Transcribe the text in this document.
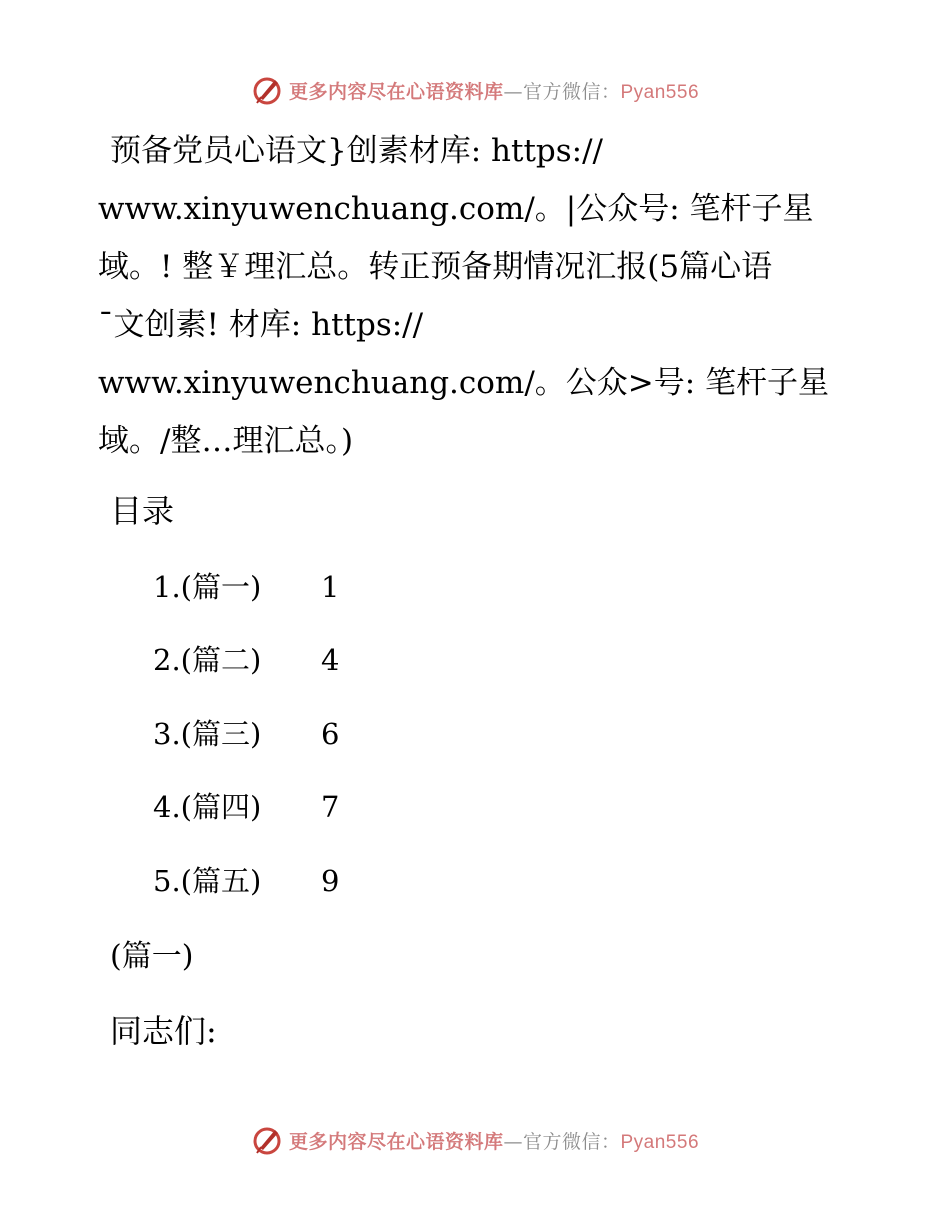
更多内容尽在心语资料库—官方微信：Pyan556
预备党员心语文}创素材库: https://
www.xinyuwenchuang.com/。|公众号: 笔杆子星
域。! 整￥理汇总。转正预备期情况汇报(5篇心语
¯文创素! 材库: https://
www.xinyuwenchuang.com/。公众>号: 笔杆子星
域。/整…理汇总。)
目录
1.(篇一) 1
2.(篇二) 4
3.(篇三) 6
4.(篇四) 7
5.(篇五) 9
(篇一)
同志们:
更多内容尽在心语资料库—官方微信：Pyan556
